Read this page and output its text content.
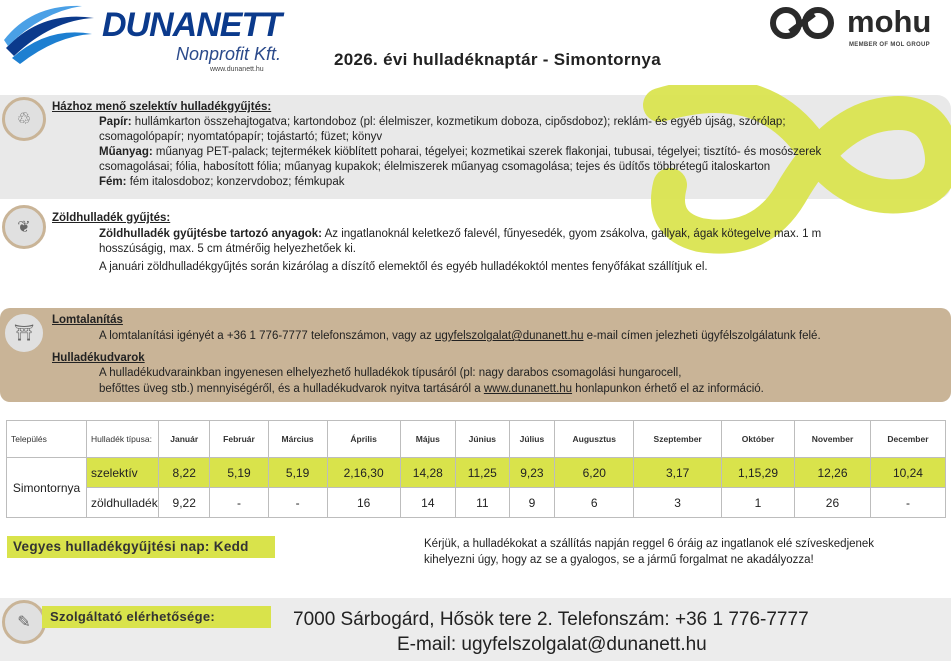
DUNANETT
Nonprofit Kft.
www.dunanett.hu
2026. évi hulladéknaptár - Simontornya
mohu
MEMBER OF MOL GROUP
♲
Házhoz menő szelektív hulladékgyűjtés:
Papír: hullámkarton összehajtogatva; kartondoboz (pl: élelmiszer, kozmetikum doboza, cipősdoboz); reklám- és egyéb újság, szórólap;
csomagolópapír; nyomtatópapír; tojástartó; füzet; könyv
Műanyag: műanyag PET-palack; tejtermékek kiöblített poharai, tégelyei; kozmetikai szerek flakonjai, tubusai, tégelyei; tisztító- és mosószerek
csomagolásai; fólia, habosított fólia; műanyag kupakok; élelmiszerek műanyag csomagolása; tejes és üdítős többrétegű italoskarton
Fém: fém italosdoboz; konzervdoboz; fémkupak
❦
Zöldhulladék gyűjtés:
Zöldhulladék gyűjtésbe tartozó anyagok: Az ingatlanoknál keletkező falevél, fűnyesedék, gyom zsákolva, gallyak, ágak kötegelve max. 1 m
hosszúságig, max. 5 cm átmérőig helyezhetőek ki.
A januári zöldhulladékgyűjtés során kizárólag a díszítő elemektől és egyéb hulladékoktól mentes fenyőfákat szállítjuk el.
⛩
Lomtalanítás
A lomtalanítási igényét a +36 1 776-7777 telefonszámon, vagy az ugyfelszolgalat@dunanett.hu e-mail címen jelezheti ügyfélszolgálatunk felé.
Hulladékudvarok
A hulladékudvarainkban ingyenesen elhelyezhető hulladékok típusáról (pl: nagy darabos csomagolási hungarocell,
befőttes üveg stb.) mennyiségéről, és a hulladékudvarok nyitva tartásáról a www.dunanett.hu honlapunkon érhető el az információ.
Település	Hulladék típusa:	Január	Február	Március	Április	Május	Június	Július	Augusztus	Szeptember	Október	November	December
Simontornya	szelektív	8,22	5,19	5,19	2,16,30	14,28	11,25	9,23	6,20	3,17	1,15,29	12,26	10,24
	zöldhulladék	9,22	-	-	16	14	11	9	6	3	1	26	-
Vegyes hulladékgyűjtési nap: Kedd	Kérjük, a hulladékokat a szállítás napján reggel 6 óráig az ingatlanok elé szíveskedjenek
kihelyezni úgy, hogy az se a gyalogos, se a jármű forgalmat ne akadályozza!
✎	Szolgáltató elérhetősége:	7000 Sárbogárd, Hősök tere 2. Telefonszám: +36 1 776-7777
E-mail: ugyfelszolgalat@dunanett.hu
